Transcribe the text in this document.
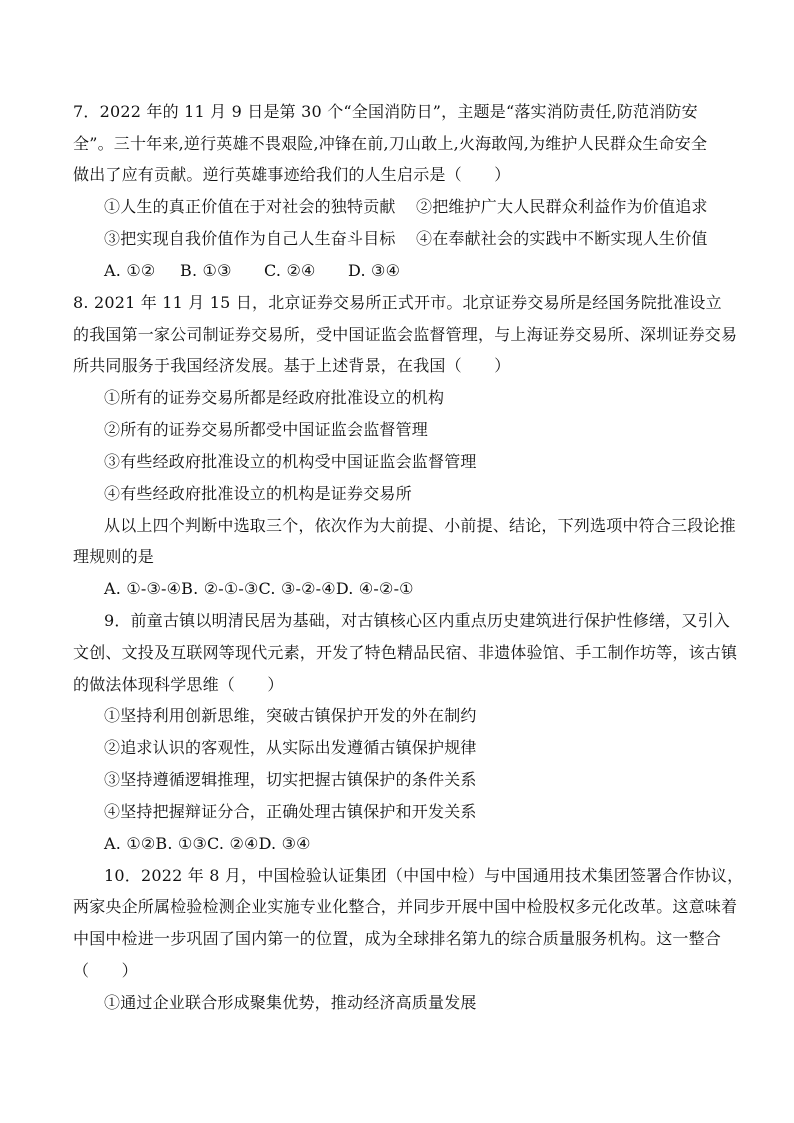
7．2022 年的 11 月 9 日是第 30 个“全国消防日”，主题是“落实消防责任,防范消防安
全”。三十年来,逆行英雄不畏艰险,冲锋在前,刀山敢上,火海敢闯,为维护人民群众生命安全
做出了应有贡献。逆行英雄事迹给我们的人生启示是（　　）
①人生的真正价值在于对社会的独特贡献 ②把维护广大人民群众利益作为价值追求
③把实现自我价值作为自己人生奋斗目标 ④在奉献社会的实践中不断实现人生价值
A. ①② B. ①③ C. ②④ D. ③④
8. 2021 年 11 月 15 日，北京证券交易所正式开市。北京证券交易所是经国务院批准设立
的我国第一家公司制证券交易所，受中国证监会监督管理，与上海证券交易所、深圳证券交易
所共同服务于我国经济发展。基于上述背景，在我国（　　）
①所有的证券交易所都是经政府批准设立的机构
②所有的证券交易所都受中国证监会监督管理
③有些经政府批准设立的机构受中国证监会监督管理
④有些经政府批准设立的机构是证券交易所
从以上四个判断中选取三个，依次作为大前提、小前提、结论，下列选项中符合三段论推
理规则的是
A. ①-③-④B. ②-①-③C. ③-②-④D. ④-②-①
9．前童古镇以明清民居为基础，对古镇核心区内重点历史建筑进行保护性修缮，又引入
文创、文投及互联网等现代元素，开发了特色精品民宿、非遗体验馆、手工制作坊等，该古镇
的做法体现科学思维（　　）
①坚持利用创新思维，突破古镇保护开发的外在制约
②追求认识的客观性，从实际出发遵循古镇保护规律
③坚持遵循逻辑推理，切实把握古镇保护的条件关系
④坚持把握辩证分合，正确处理古镇保护和开发关系
A. ①②B. ①③C. ②④D. ③④
10．2022 年 8 月，中国检验认证集团（中国中检）与中国通用技术集团签署合作协议，
两家央企所属检验检测企业实施专业化整合，并同步开展中国中检股权多元化改革。这意味着
中国中检进一步巩固了国内第一的位置，成为全球排名第九的综合质量服务机构。这一整合
（　　）
①通过企业联合形成聚集优势，推动经济高质量发展
